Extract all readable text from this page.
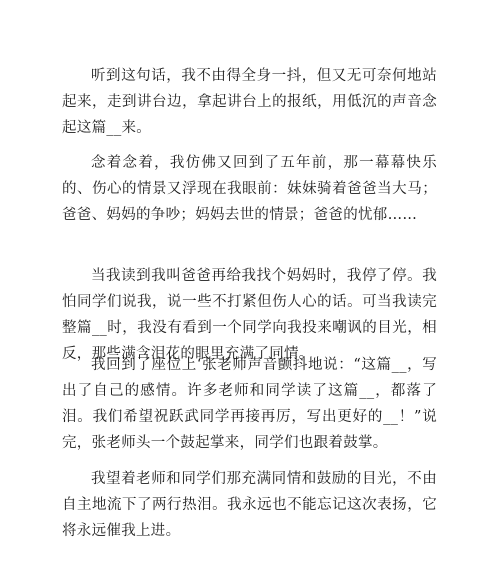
听到这句话，我不由得全身一抖，但又无可奈何地站起来，走到讲台边，拿起讲台上的报纸，用低沉的声音念起这篇__来。

念着念着，我仿佛又回到了五年前，那一幕幕快乐的、伤心的情景又浮现在我眼前：妹妹骑着爸爸当大马；爸爸、妈妈的争吵；妈妈去世的情景；爸爸的忧郁……

当我读到我叫爸爸再给我找个妈妈时，我停了停。我怕同学们说我，说一些不打紧但伤人心的话。可当我读完整篇__时，我没有看到一个同学向我投来嘲讽的目光，相反，那些满含泪花的眼里充满了同情。

我回到了座位上‘张老师声音颤抖地说：“这篇__，写出了自己的感情。许多老师和同学读了这篇__，都落了泪。我们希望祝跃武同学再接再厉，写出更好的__！”说完，张老师头一个鼓起掌来，同学们也跟着鼓掌。

我望着老师和同学们那充满同情和鼓励的目光，不由自主地流下了两行热泪。我永远也不能忘记这次表扬，它将永远催我上进。
